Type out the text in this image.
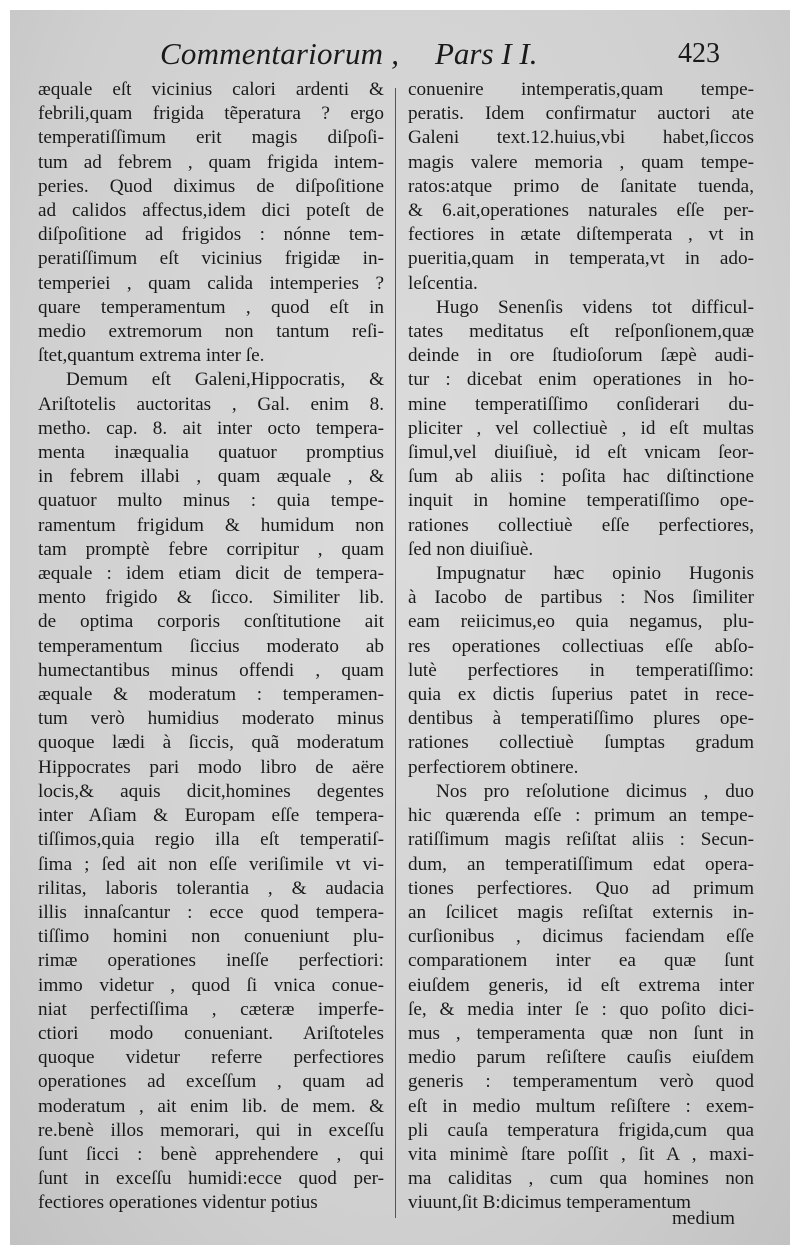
Commentariorum , Pars I I.	423

æquale eſt vicinius calori ardenti &
febrili,quam frigida tẽperatura ? ergo
temperatiſſimum erit magis diſpoſi-
tum ad febrem , quam frigida intem-
peries. Quod diximus de diſpoſitione
ad calidos affectus,idem dici poteſt de
diſpoſitione ad frigidos : nónne tem-
peratiſſimum eſt vicinius frigidæ in-
temperiei , quam calida intemperies ?
quare temperamentum , quod eſt in
medio extremorum non tantum reſi-
ſtet,quantum extrema inter ſe.

Demum eſt Galeni,Hippocratis, &
Ariſtotelis auctoritas , Gal. enim 8.
metho. cap. 8. ait inter octo tempera-
menta inæqualia quatuor promptius
in febrem illabi , quam æquale , &
quatuor multo minus : quia tempe-
ramentum frigidum & humidum non
tam promptè febre corripitur , quam
æquale : idem etiam dicit de tempera-
mento frigido & ſicco. Similiter lib.
de optima corporis conſtitutione ait
temperamentum ſiccius moderato ab
humectantibus minus offendi , quam
æquale & moderatum : temperamen-
tum verò humidius moderato minus
quoque lædi à ſiccis, quã moderatum
Hippocrates pari modo libro de aëre
locis,& aquis dicit,homines degentes
inter Aſiam & Europam eſſe tempera-
tiſſimos,quia regio illa eſt temperatiſ-
ſima ; ſed ait non eſſe veriſimile vt vi-
rilitas, laboris tolerantia , & audacia
illis innaſcantur : ecce quod tempera-
tiſſimo homini non conueniunt plu-
rimæ operationes ineſſe perfectiori:
immo videtur , quod ſi vnica conue-
niat perfectiſſima , cæteræ imperfe-
ctiori modo conueniant. Ariſtoteles
quoque videtur referre perfectiores
operationes ad exceſſum , quam ad
moderatum , ait enim lib. de mem. &
re.benè illos memorari, qui in exceſſu
ſunt ſicci : benè apprehendere , qui
ſunt in exceſſu humidi:ecce quod per-
fectiores operationes videntur potius

conuenire intemperatis,quam tempe-
peratis. Idem confirmatur auctori ate
Galeni text.12.huius,vbi habet,ſiccos
magis valere memoria , quam tempe-
ratos:atque primo de ſanitate tuenda,
& 6.ait,operationes naturales eſſe per-
fectiores in ætate diſtemperata , vt in
pueritia,quam in temperata,vt in ado-
leſcentia.

Hugo Senenſis videns tot difficul-
tates meditatus eſt reſponſionem,quæ
deinde in ore ſtudioſorum ſæpè audi-
tur : dicebat enim operationes in ho-
mine temperatiſſimo conſiderari du-
pliciter , vel collectiuè , id eſt multas
ſimul,vel diuiſiuè, id eſt vnicam ſeor-
ſum ab aliis : poſita hac diſtinctione
inquit in homine temperatiſſimo ope-
rationes collectiuè eſſe perfectiores,
ſed non diuiſiuè.

Impugnatur hæc opinio Hugonis
à Iacobo de partibus : Nos ſimiliter
eam reiicimus,eo quia negamus, plu-
res operationes collectiuas eſſe abſo-
lutè perfectiores in temperatiſſimo:
quia ex dictis ſuperius patet in rece-
dentibus à temperatiſſimo plures ope-
rationes collectiuè ſumptas gradum
perfectiorem obtinere.

Nos pro reſolutione dicimus , duo
hic quærenda eſſe : primum an tempe-
ratiſſimum magis reſiſtat aliis : Secun-
dum, an temperatiſſimum edat opera-
tiones perfectiores. Quo ad primum
an ſcilicet magis reſiſtat externis in-
curſionibus , dicimus faciendam eſſe
comparationem inter ea quæ ſunt
eiuſdem generis, id eſt extrema inter
ſe, & media inter ſe : quo poſito dici-
mus , temperamenta quæ non ſunt in
medio parum reſiſtere cauſis eiuſdem
generis : temperamentum verò quod
eſt in medio multum reſiſtere : exem-
pli cauſa temperatura frigida,cum qua
vita minimè ſtare poſſit , ſit A , maxi-
ma caliditas , cum qua homines non
viuunt,ſit B:dicimus temperamentum

medium
